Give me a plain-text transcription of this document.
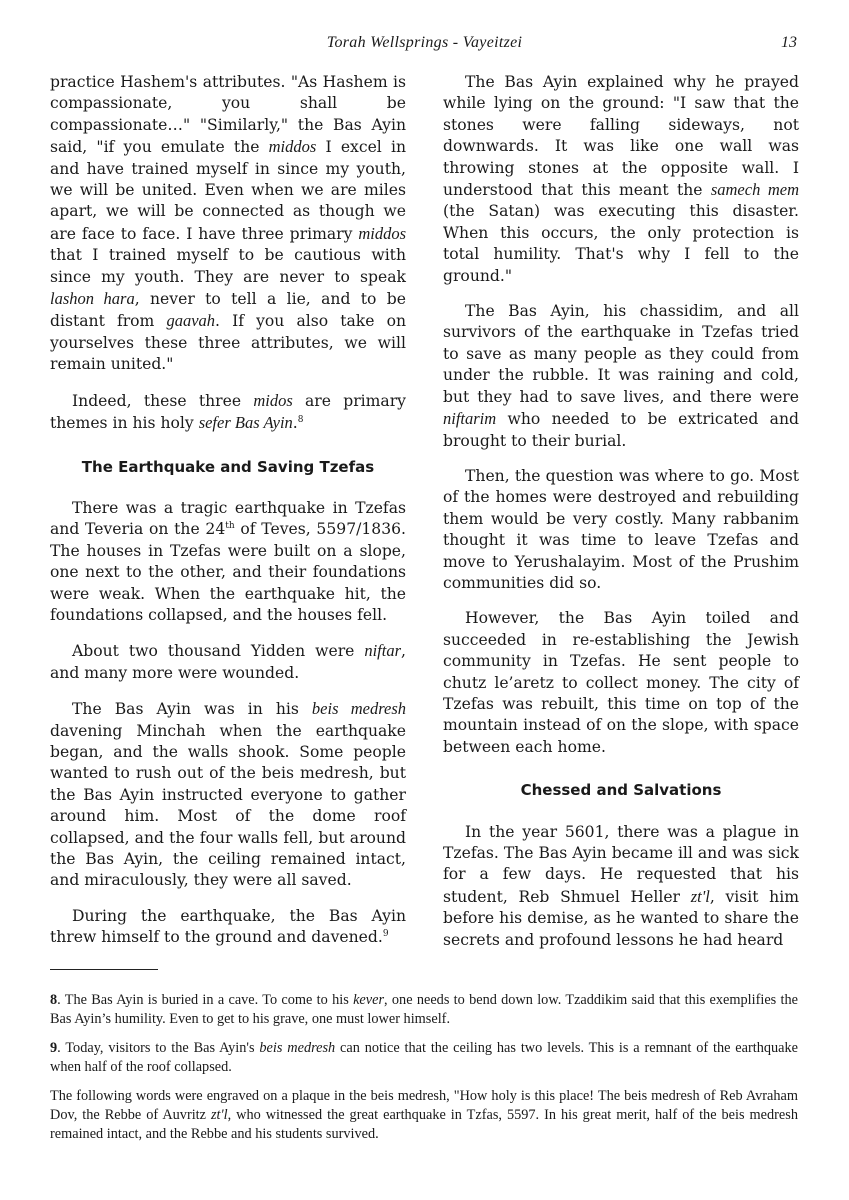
Torah Wellsprings - Vayeitzei	13

practice Hashem's attributes. "As Hashem is compassionate, you shall be compassionate…" "Similarly," the Bas Ayin said, "if you emulate the middos I excel in and have trained myself in since my youth, we will be united. Even when we are miles apart, we will be connected as though we are face to face. I have three primary middos that I trained myself to be cautious with since my youth. They are never to speak lashon hara, never to tell a lie, and to be distant from gaavah. If you also take on yourselves these three attributes, we will remain united."

Indeed, these three midos are primary themes in his holy sefer Bas Ayin.$^8$

The Earthquake and Saving Tzefas

There was a tragic earthquake in Tzefas and Teveria on the 24th of Teves, 5597/1836. The houses in Tzefas were built on a slope, one next to the other, and their foundations were weak. When the earthquake hit, the foundations collapsed, and the houses fell.

About two thousand Yidden were niftar, and many more were wounded.

The Bas Ayin was in his beis medresh davening Minchah when the earthquake began, and the walls shook. Some people wanted to rush out of the beis medresh, but the Bas Ayin instructed everyone to gather around him. Most of the dome roof collapsed, and the four walls fell, but around the Bas Ayin, the ceiling remained intact, and miraculously, they were all saved.

During the earthquake, the Bas Ayin threw himself to the ground and davened.$^9$

The Bas Ayin explained why he prayed while lying on the ground: "I saw that the stones were falling sideways, not downwards. It was like one wall was throwing stones at the opposite wall. I understood that this meant the samech mem (the Satan) was executing this disaster. When this occurs, the only protection is total humility. That's why I fell to the ground."

The Bas Ayin, his chassidim, and all survivors of the earthquake in Tzefas tried to save as many people as they could from under the rubble. It was raining and cold, but they had to save lives, and there were niftarim who needed to be extricated and brought to their burial.

Then, the question was where to go. Most of the homes were destroyed and rebuilding them would be very costly. Many rabbanim thought it was time to leave Tzefas and move to Yerushalayim. Most of the Prushim communities did so.

However, the Bas Ayin toiled and succeeded in re-establishing the Jewish community in Tzefas. He sent people to chutz le’aretz to collect money. The city of Tzefas was rebuilt, this time on top of the mountain instead of on the slope, with space between each home.

Chessed and Salvations

In the year 5601, there was a plague in Tzefas. The Bas Ayin became ill and was sick for a few days. He requested that his student, Reb Shmuel Heller zt'l, visit him before his demise, as he wanted to share the secrets and profound lessons he had heard

8. The Bas Ayin is buried in a cave. To come to his kever, one needs to bend down low. Tzaddikim said that this exemplifies the Bas Ayin’s humility. Even to get to his grave, one must lower himself.

9. Today, visitors to the Bas Ayin's beis medresh can notice that the ceiling has two levels. This is a remnant of the earthquake when half of the roof collapsed.

The following words were engraved on a plaque in the beis medresh, "How holy is this place! The beis medresh of Reb Avraham Dov, the Rebbe of Auvritz zt'l, who witnessed the great earthquake in Tzfas, 5597. In his great merit, half of the beis medresh remained intact, and the Rebbe and his students survived.
